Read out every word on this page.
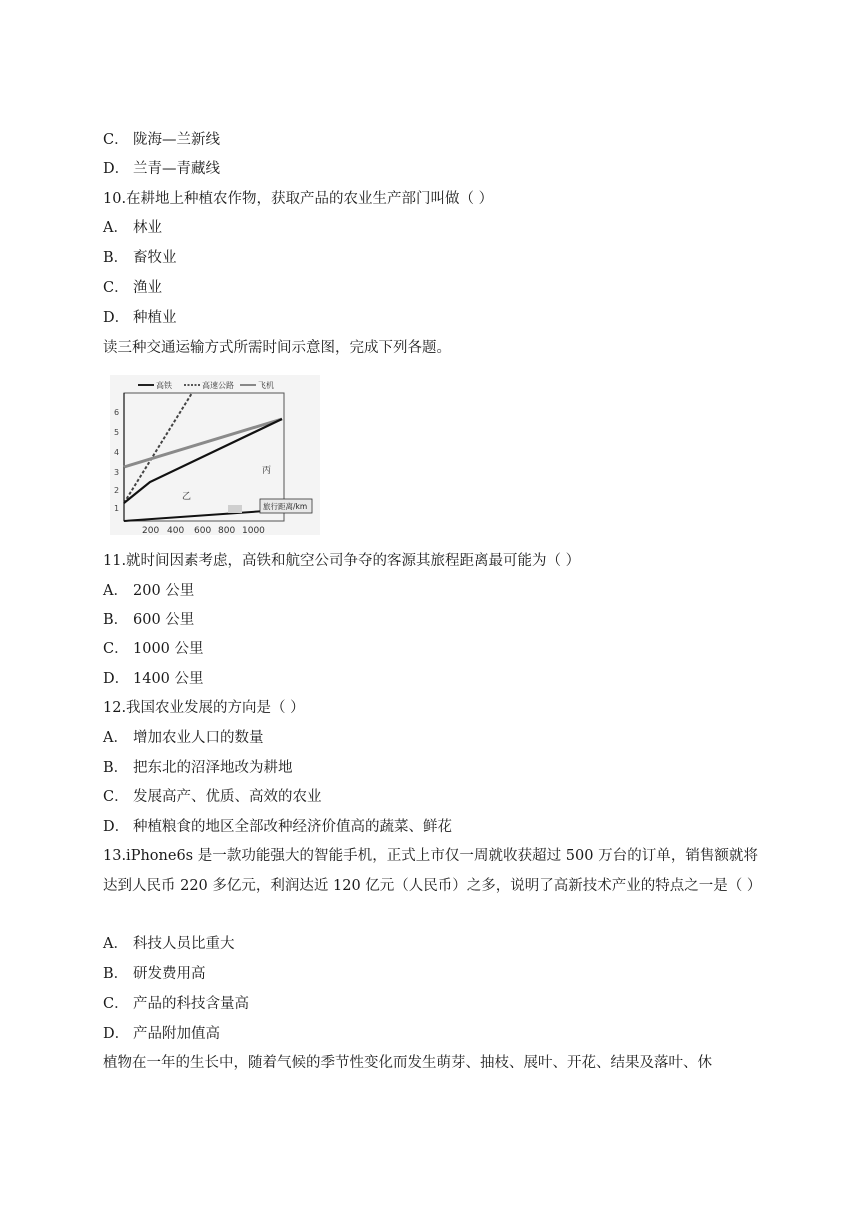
C． 陇海—兰新线
D． 兰青—青藏线
10.在耕地上种植农作物，获取产品的农业生产部门叫做（ ）
A． 林业
B． 畜牧业
C． 渔业
D． 种植业
读三种交通运输方式所需时间示意图，完成下列各题。
高铁	高速公路	飞机
6
5
4
3
2
1
200 400 600 800 1000
旅行距离/km
乙
丙
11.就时间因素考虑，高铁和航空公司争夺的客源其旅程距离最可能为（ ）
A． 200 公里
B． 600 公里
C． 1000 公里
D． 1400 公里
12.我国农业发展的方向是（ ）
A． 增加农业人口的数量
B． 把东北的沼泽地改为耕地
C． 发展高产、优质、高效的农业
D． 种植粮食的地区全部改种经济价值高的蔬菜、鲜花
13.iPhone6s 是一款功能强大的智能手机，正式上市仅一周就收获超过 500 万台的订单，销售额就将达到人民币 220 多亿元，利润达近 120 亿元（人民币）之多，说明了高新技术产业的特点之一是（ ）
A． 科技人员比重大
B． 研发费用高
C． 产品的科技含量高
D． 产品附加值高
植物在一年的生长中，随着气候的季节性变化而发生萌芽、抽枝、展叶、开花、结果及落叶、休
